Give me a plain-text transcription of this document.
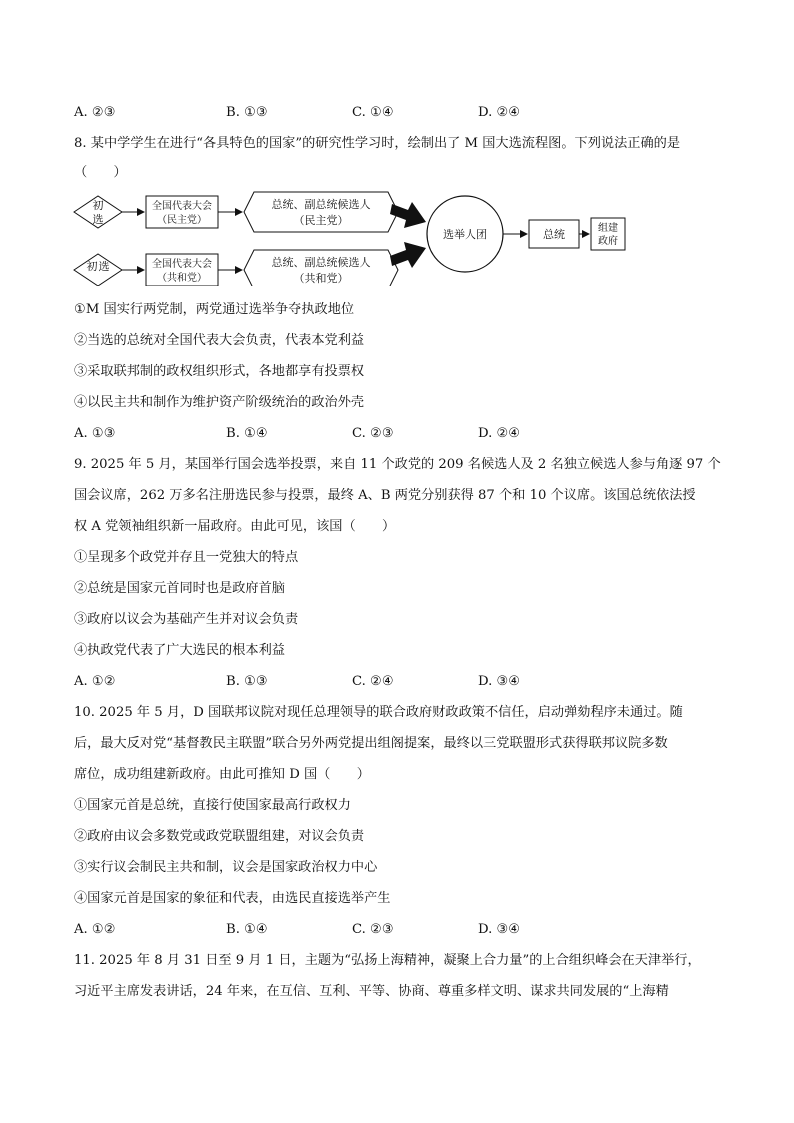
A. ②③	B. ①③	C. ①④	D. ②④
8. 某中学学生在进行“各具特色的国家”的研究性学习时，绘制出了 M 国大选流程图。下列说法正确的是
（　　）
初
选
全国代表大会
（民主党）
总统、副总统候选人
（民主党）
初 选	全国代表大会
（共和党）
总统、副总统候选人
（共和党）
选举人团	总统	组建
政府
①M 国实行两党制，两党通过选举争夺执政地位
②当选的总统对全国代表大会负责，代表本党利益
③采取联邦制的政权组织形式，各地都享有投票权
④以民主共和制作为维护资产阶级统治的政治外壳
A. ①③	B. ①④	C. ②③	D. ②④
9. 2025 年 5 月，某国举行国会选举投票，来自 11 个政党的 209 名候选人及 2 名独立候选人参与角逐 97 个
国会议席，262 万多名注册选民参与投票，最终 A、B 两党分别获得 87 个和 10 个议席。该国总统依法授
权 A 党领袖组织新一届政府。由此可见，该国（　　）
①呈现多个政党并存且一党独大的特点
②总统是国家元首同时也是政府首脑
③政府以议会为基础产生并对议会负责
④执政党代表了广大选民的根本利益
A. ①②	B. ①③	C. ②④	D. ③④
10. 2025 年 5 月，D 国联邦议院对现任总理领导的联合政府财政政策不信任，启动弹劾程序未通过。随
后，最大反对党“基督教民主联盟”联合另外两党提出组阁提案，最终以三党联盟形式获得联邦议院多数
席位，成功组建新政府。由此可推知 D 国（　　）
①国家元首是总统，直接行使国家最高行政权力
②政府由议会多数党或政党联盟组建，对议会负责
③实行议会制民主共和制，议会是国家政治权力中心
④国家元首是国家的象征和代表，由选民直接选举产生
A. ①②	B. ①④	C. ②③	D. ③④
11. 2025 年 8 月 31 日至 9 月 1 日，主题为“弘扬上海精神，凝聚上合力量”的上合组织峰会在天津举行，
习近平主席发表讲话，24 年来，在互信、互利、平等、协商、尊重多样文明、谋求共同发展的“上海精
